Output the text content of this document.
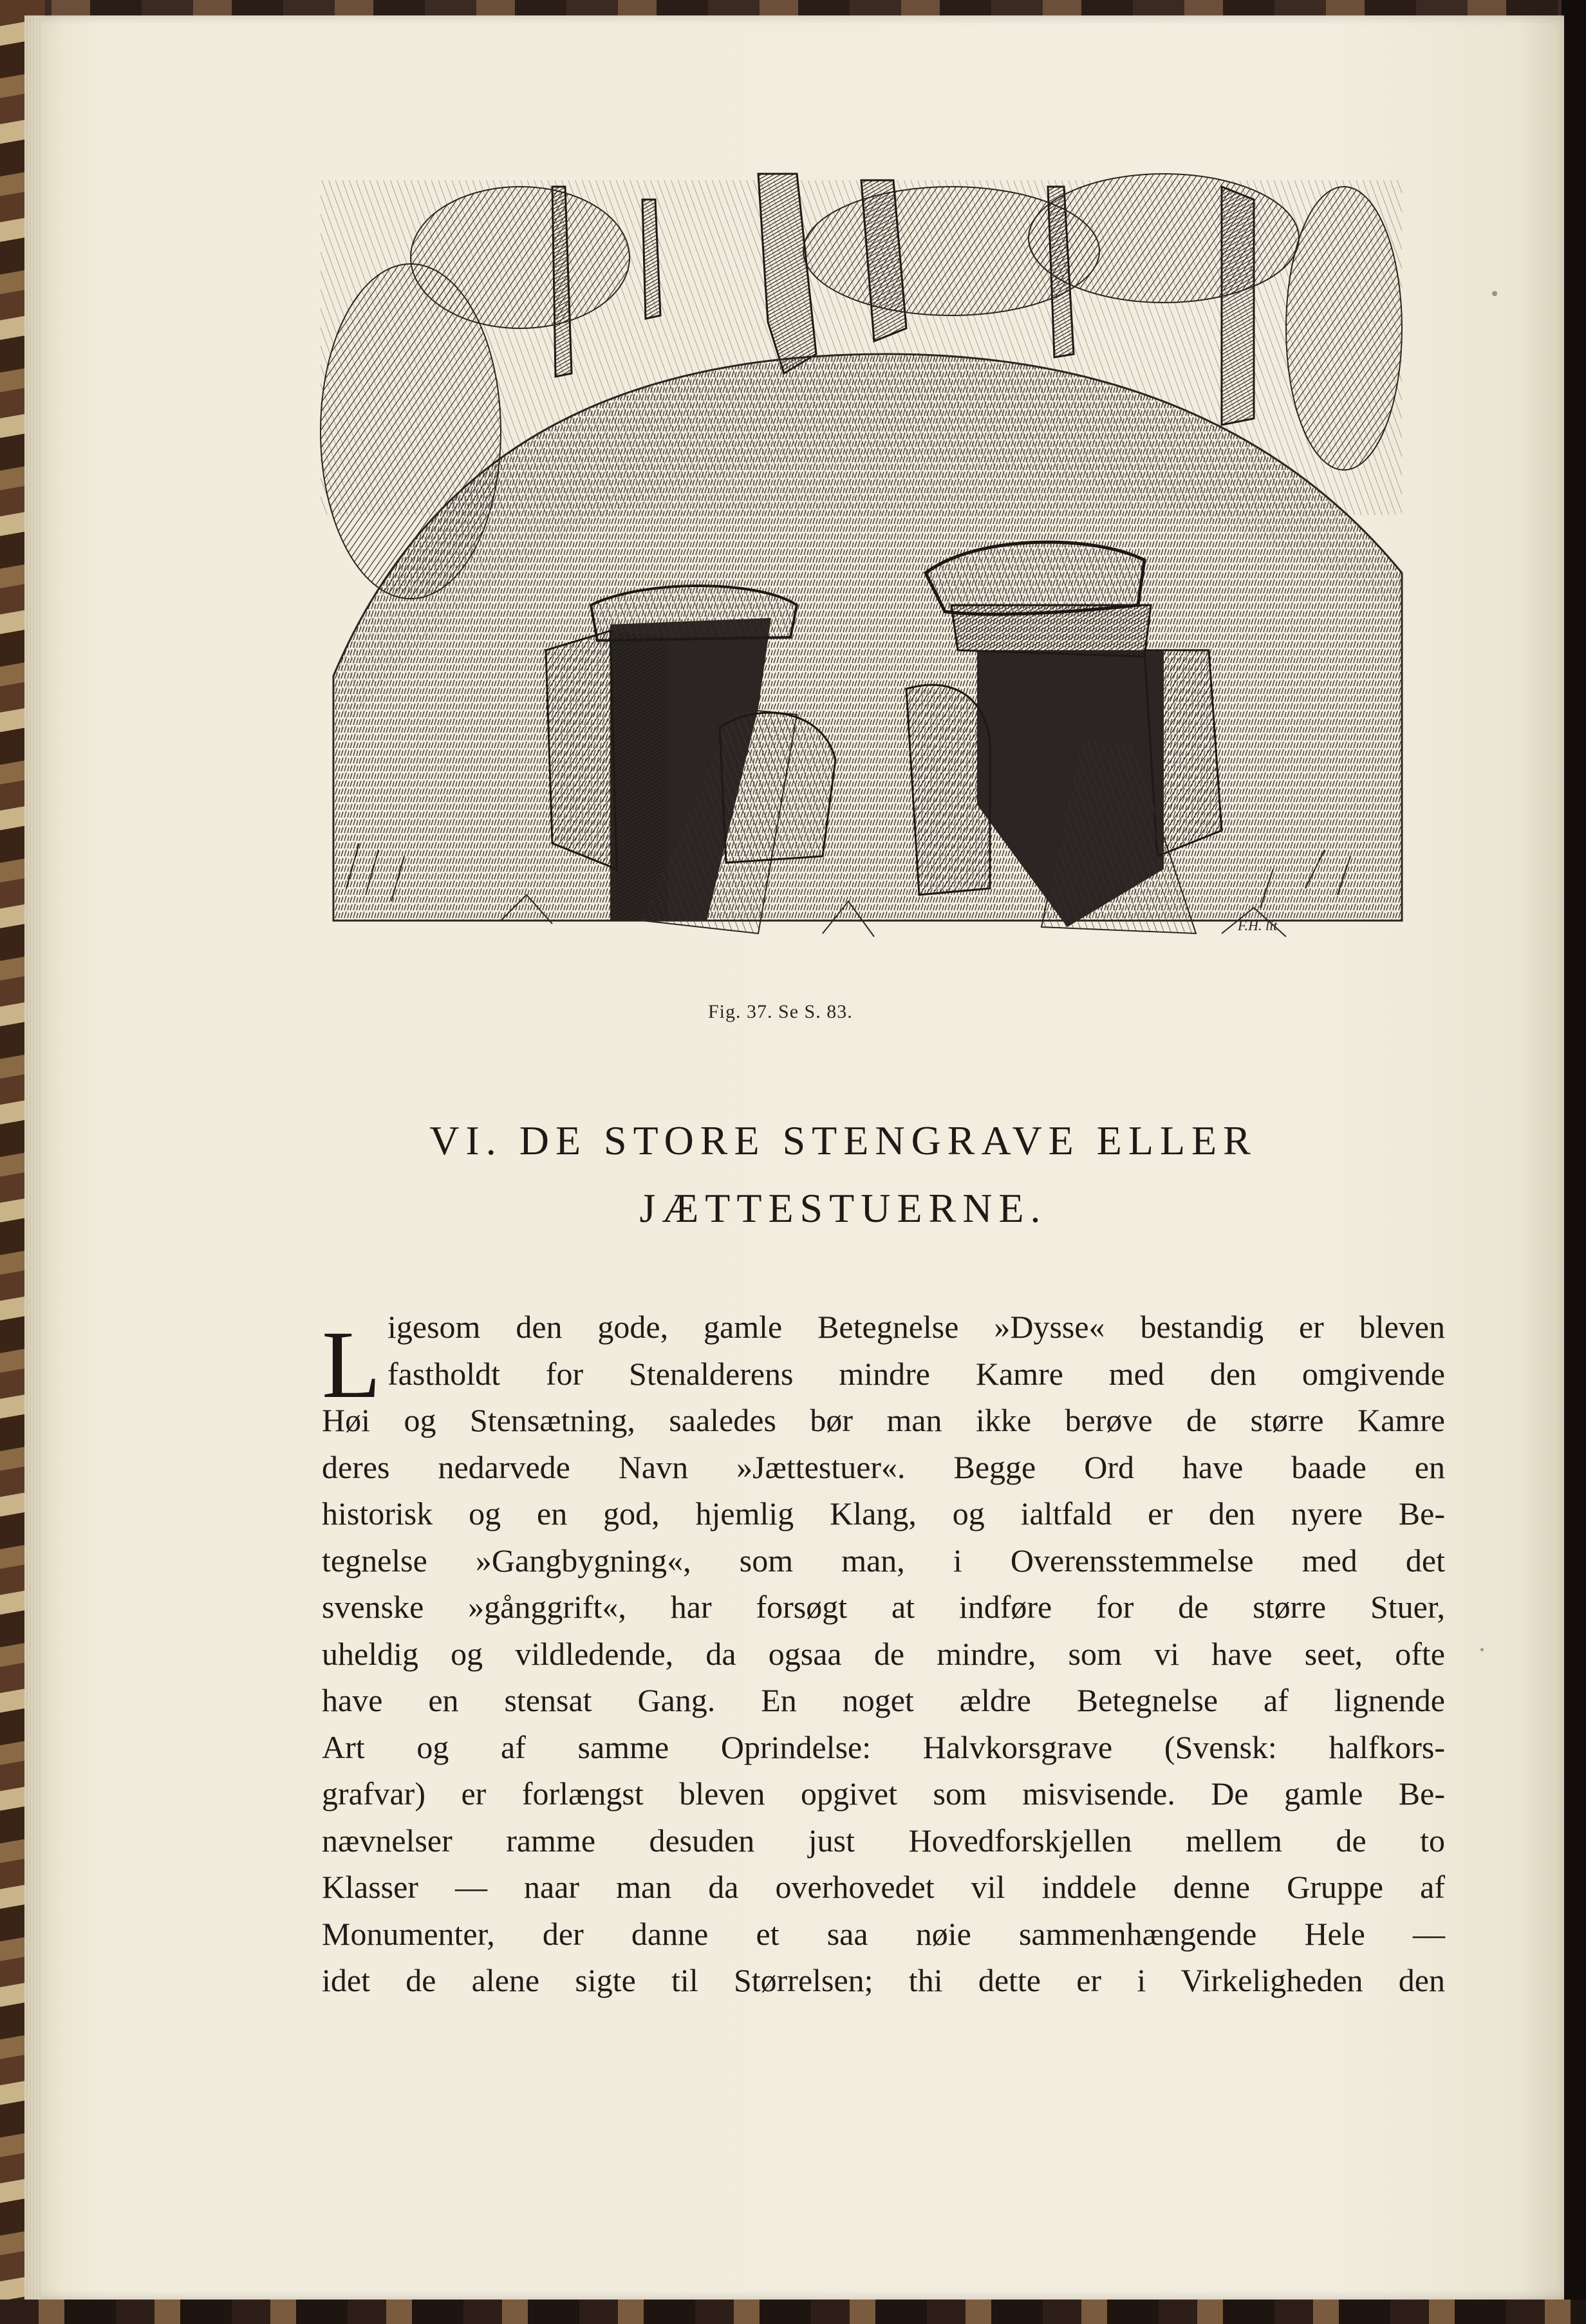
F.H. lit
Fig. 37. Se S. 83.
VI. DE STORE STENGRAVE ELLER
JÆTTESTUERNE.
L igesom den gode, gamle Betegnelse »Dysse« bestandig er bleven
fastholdt for Stenalderens mindre Kamre med den omgivende
Høi og Stensætning, saaledes bør man ikke berøve de større Kamre
deres nedarvede Navn »Jættestuer«. Begge Ord have baade en
historisk og en god, hjemlig Klang, og ialtfald er den nyere Be-
tegnelse »Gangbygning«, som man, i Overensstemmelse med det
svenske »gånggrift«, har forsøgt at indføre for de større Stuer,
uheldig og vildledende, da ogsaa de mindre, som vi have seet, ofte
have en stensat Gang. En noget ældre Betegnelse af lignende
Art og af samme Oprindelse: Halvkorsgrave (Svensk: halfkors-
grafvar) er forlængst bleven opgivet som misvisende. De gamle Be-
nævnelser ramme desuden just Hovedforskjellen mellem de to
Klasser — naar man da overhovedet vil inddele denne Gruppe af
Monumenter, der danne et saa nøie sammenhængende Hele —
idet de alene sigte til Størrelsen; thi dette er i Virkeligheden den
